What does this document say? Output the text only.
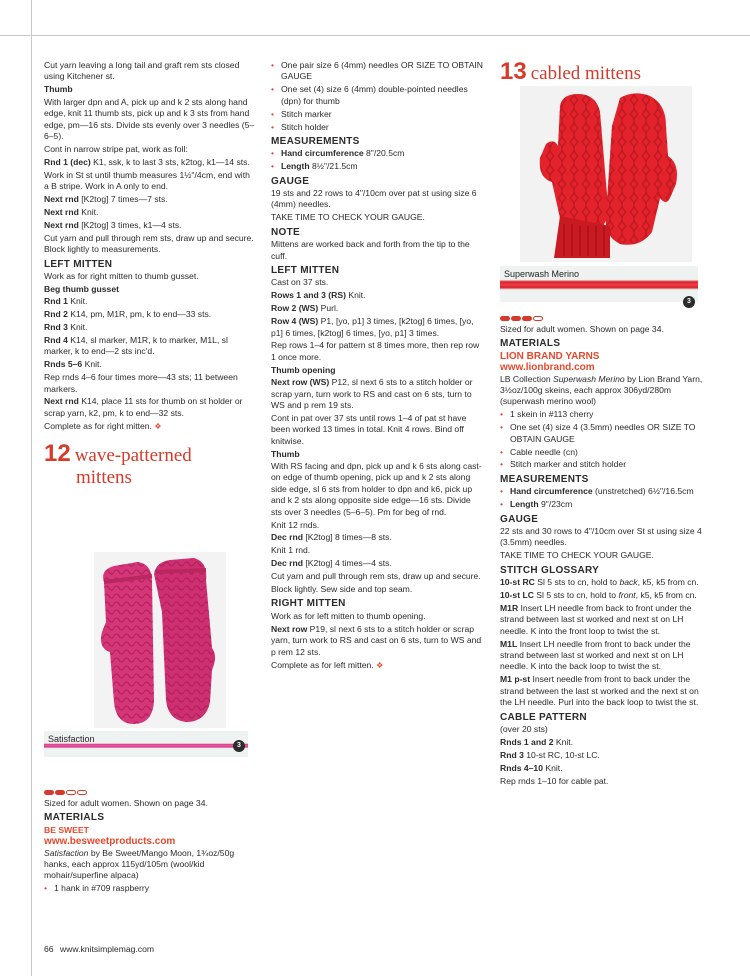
Cut yarn leaving a long tail and graft rem sts closed using Kitchener st.

Thumb

With larger dpn and A, pick up and k 2 sts along hand edge, knit 11 thumb sts, pick up and k 3 sts from hand edge, pm—16 sts. Divide sts evenly over 3 needles (5–6–5).

Cont in narrow stripe pat, work as foll:

Rnd 1 (dec) K1, ssk, k to last 3 sts, k2tog, k1—14 sts.

Work in St st until thumb measures 1½"/4cm, end with a B stripe. Work in A only to end.

Next rnd [K2tog] 7 times—7 sts.

Next rnd Knit.

Next rnd [K2tog] 3 times, k1—4 sts.

Cut yarn and pull through rem sts, draw up and secure. Block lightly to measurements.

LEFT MITTEN

Work as for right mitten to thumb gusset.

Beg thumb gusset

Rnd 1 Knit.

Rnd 2 K14, pm, M1R, pm, k to end—33 sts.

Rnd 3 Knit.

Rnd 4 K14, sl marker, M1R, k to marker, M1L, sl marker, k to end—2 sts inc'd.

Rnds 5–6 Knit.

Rep rnds 4–6 four times more—43 sts; 11 between markers.

Next rnd K14, place 11 sts for thumb on st holder or scrap yarn, k2, pm, k to end—32 sts.

Complete as for right mitten. ❖

12 wave-patterned
mittens
Satisfaction
3

Sized for adult women. Shown on page 34.

MATERIALS
BE SWEET
www.besweetproducts.com

Satisfaction by Be Sweet/Mango Moon, 1¾oz/50g hanks, each approx 115yd/105m (wool/kid mohair/superfine alpaca)

• 1 hank in #709 raspberry
• One pair size 6 (4mm) needles OR SIZE TO OBTAIN GAUGE
• One set (4) size 6 (4mm) double-pointed needles (dpn) for thumb
• Stitch marker
• Stitch holder
MEASUREMENTS
• Hand circumference 8"/20.5cm
• Length 8½"/21.5cm
GAUGE

19 sts and 22 rows to 4"/10cm over pat st using size 6 (4mm) needles.

TAKE TIME TO CHECK YOUR GAUGE.

NOTE

Mittens are worked back and forth from the tip to the cuff.

LEFT MITTEN

Cast on 37 sts.

Rows 1 and 3 (RS) Knit.

Row 2 (WS) Purl.

Row 4 (WS) P1, [yo, p1] 3 times, [k2tog] 6 times, [yo, p1] 6 times, [k2tog] 6 times, [yo, p1] 3 times.

Rep rows 1–4 for pattern st 8 times more, then rep row 1 once more.

Thumb opening

Next row (WS) P12, sl next 6 sts to a stitch holder or scrap yarn, turn work to RS and cast on 6 sts, turn to WS and p rem 19 sts.

Cont in pat over 37 sts until rows 1–4 of pat st have been worked 13 times in total. Knit 4 rows. Bind off knitwise.

Thumb

With RS facing and dpn, pick up and k 6 sts along cast-on edge of thumb opening, pick up and k 2 sts along side edge, sl 6 sts from holder to dpn and k6, pick up and k 2 sts along opposite side edge—16 sts. Divide sts over 3 needles (5–6–5). Pm for beg of rnd.

Knit 12 rnds.

Dec rnd [K2tog] 8 times—8 sts.

Knit 1 rnd.

Dec rnd [K2tog] 4 times—4 sts.

Cut yarn and pull through rem sts, draw up and secure.

Block lightly. Sew side and top seam.

RIGHT MITTEN

Work as for left mitten to thumb opening.

Next row P19, sl next 6 sts to a stitch holder or scrap yarn, turn work to RS and cast on 6 sts, turn to WS and p rem 12 sts.

Complete as for left mitten. ❖

13 cabled mittens
Superwash Merino
3

Sized for adult women. Shown on page 34.

MATERIALS
LION BRAND YARNS
www.lionbrand.com

LB Collection Superwash Merino by Lion Brand Yarn, 3½oz/100g skeins, each approx 306yd/280m (superwash merino wool)

• 1 skein in #113 cherry
• One set (4) size 4 (3.5mm) needles OR SIZE TO OBTAIN GAUGE
• Cable needle (cn)
• Stitch marker and stitch holder
MEASUREMENTS
• Hand circumference (unstretched) 6½"/16.5cm
• Length 9"/23cm
GAUGE

22 sts and 30 rows to 4"/10cm over St st using size 4 (3.5mm) needles.

TAKE TIME TO CHECK YOUR GAUGE.

STITCH GLOSSARY

10-st RC Sl 5 sts to cn, hold to back, k5, k5 from cn.

10-st LC Sl 5 sts to cn, hold to front, k5, k5 from cn.

M1R Insert LH needle from back to front under the strand between last st worked and next st on LH needle. K into the front loop to twist the st.

M1L Insert LH needle from front to back under the strand between last st worked and next st on LH needle. K into the back loop to twist the st.

M1 p-st Insert needle from front to back under the strand between the last st worked and the next st on the LH needle. Purl into the back loop to twist the st.

CABLE PATTERN

(over 20 sts)

Rnds 1 and 2 Knit.

Rnd 3 10-st RC, 10-st LC.

Rnds 4–10 Knit.

Rep rnds 1–10 for cable pat.

66 www.knitsimplemag.com
